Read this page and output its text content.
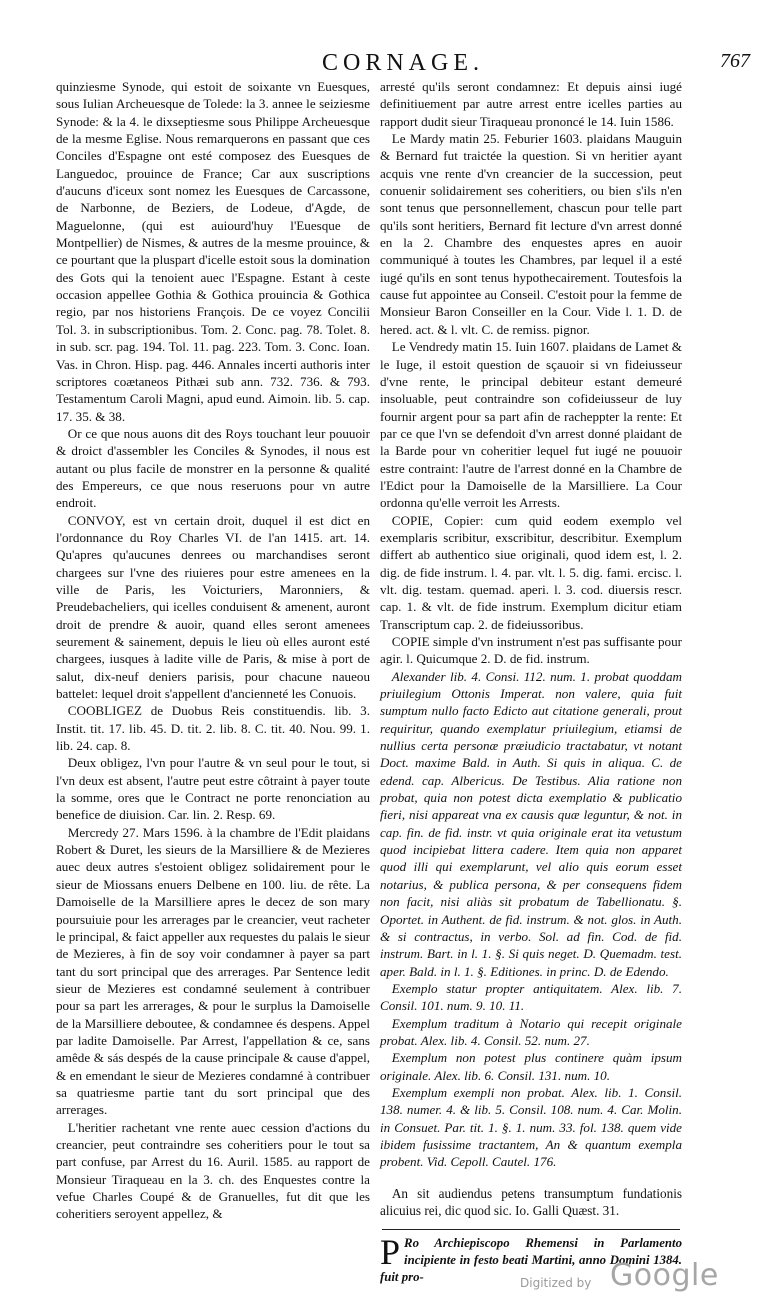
CORNAGE.	767

quinziesme Synode, qui estoit de soixante vn Euesques, sous Iulian Archeuesque de Tolede: la 3. annee le seiziesme Synode: & la 4. le dixseptiesme sous Philippe Archeuesque de la mesme Eglise. Nous remarquerons en passant que ces Conciles d'Espagne ont esté composez des Euesques de Languedoc, prouince de France; Car aux suscriptions d'aucuns d'iceux sont nomez les Euesques de Carcassone, de Narbonne, de Beziers, de Lodeue, d'Agde, de Maguelonne, (qui est auiourd'huy l'Euesque de Montpellier) de Nismes, & autres de la mesme prouince, & ce pourtant que la pluspart d'icelle estoit sous la domination des Gots qui la tenoient auec l'Espagne. Estant à ceste occasion appellee Gothia & Gothica prouincia & Gothica regio, par nos historiens François. De ce voyez Concilii Tol. 3. in subscriptionibus. Tom. 2. Conc. pag. 78. Tolet. 8. in sub. scr. pag. 194. Tol. 11. pag. 223. Tom. 3. Conc. Ioan. Vas. in Chron. Hisp. pag. 446. Annales incerti authoris inter scriptores coætaneos Pithæi sub ann. 732. 736. & 793. Testamentum Caroli Magni, apud eund. Aimoin. lib. 5. cap. 17. 35. & 38.

Or ce que nous auons dit des Roys touchant leur pouuoir & droict d'assembler les Conciles & Synodes, il nous est autant ou plus facile de monstrer en la personne & qualité des Empereurs, ce que nous reseruons pour vn autre endroit.

CONVOY, est vn certain droit, duquel il est dict en l'ordonnance du Roy Charles VI. de l'an 1415. art. 14. Qu'apres qu'aucunes denrees ou marchandises seront chargees sur l'vne des riuieres pour estre amenees en la ville de Paris, les Voicturiers, Maronniers, & Preudebacheliers, qui icelles conduisent & amenent, auront droit de prendre & auoir, quand elles seront amenees seurement & sainement, depuis le lieu où elles auront esté chargees, iusques à ladite ville de Paris, & mise à port de salut, dix-neuf deniers parisis, pour chacune naueou battelet: lequel droit s'appellent d'ancienneté les Conuois.

COOBLIGEZ de Duobus Reis constituendis. lib. 3. Instit. tit. 17. lib. 45. D. tit. 2. lib. 8. C. tit. 40. Nou. 99. 1. lib. 24. cap. 8.

Deux obligez, l'vn pour l'autre & vn seul pour le tout, si l'vn deux est absent, l'autre peut estre côtraint à payer toute la somme, ores que le Contract ne porte renonciation au benefice de diuision. Car. lin. 2. Resp. 69.

Mercredy 27. Mars 1596. à la chambre de l'Edit plaidans Robert & Duret, les sieurs de la Marsilliere & de Mezieres auec deux autres s'estoient obligez solidairement pour le sieur de Miossans enuers Delbene en 100. liu. de rête. La Damoiselle de la Marsilliere apres le decez de son mary poursuiuie pour les arrerages par le creancier, veut racheter le principal, & faict appeller aux requestes du palais le sieur de Mezieres, à fin de soy voir condamner à payer sa part tant du sort principal que des arrerages. Par Sentence ledit sieur de Mezieres est condamné seulement à contribuer pour sa part les arrerages, & pour le surplus la Damoiselle de la Marsilliere deboutee, & condamnee és despens. Appel par ladite Damoiselle. Par Arrest, l'appellation & ce, sans amêde & sás despés de la cause principale & cause d'appel, & en emendant le sieur de Mezieres condamné à contribuer sa quatriesme partie tant du sort principal que des arrerages.

L'heritier rachetant vne rente auec cession d'actions du creancier, peut contraindre ses coheritiers pour le tout sa part confuse, par Arrest du 16. Auril. 1585. au rapport de Monsieur Tiraqueau en la 3. ch. des Enquestes contre la vefue Charles Coupé & de Granuelles, fut dit que les coheritiers seroyent appellez, &

arresté qu'ils seront condamnez: Et depuis ainsi iugé definitiuement par autre arrest entre icelles parties au rapport dudit sieur Tiraqueau prononcé le 14. Iuin 1586.

Le Mardy matin 25. Feburier 1603. plaidans Mauguin & Bernard fut traictée la question. Si vn heritier ayant acquis vne rente d'vn creancier de la succession, peut conuenir solidairement ses coheritiers, ou bien s'ils n'en sont tenus que personnellement, chascun pour telle part qu'ils sont heritiers, Bernard fit lecture d'vn arrest donné en la 2. Chambre des enquestes apres en auoir communiqué à toutes les Chambres, par lequel il a esté iugé qu'ils en sont tenus hypothecairement. Toutesfois la cause fut appointee au Conseil. C'estoit pour la femme de Monsieur Baron Conseiller en la Cour. Vide l. 1. D. de hered. act. & l. vlt. C. de remiss. pignor.

Le Vendredy matin 15. Iuin 1607. plaidans de Lamet & le Iuge, il estoit question de sçauoir si vn fideiusseur d'vne rente, le principal debiteur estant demeuré insoluable, peut contraindre son cofideiusseur de luy fournir argent pour sa part afin de racheppter la rente: Et par ce que l'vn se defendoit d'vn arrest donné plaidant de la Barde pour vn coheritier lequel fut iugé ne pouuoir estre contraint: l'autre de l'arrest donné en la Chambre de l'Edict pour la Damoiselle de la Marsilliere. La Cour ordonna qu'elle verroit les Arrests.

COPIE, Copier: cum quid eodem exemplo vel exemplaris scribitur, exscribitur, describitur. Exemplum differt ab authentico siue originali, quod idem est, l. 2. dig. de fide instrum. l. 4. par. vlt. l. 5. dig. fami. ercisc. l. vlt. dig. testam. quemad. aperi. l. 3. cod. diuersis rescr. cap. 1. & vlt. de fide instrum. Exemplum dicitur etiam Transcriptum cap. 2. de fideiussoribus.

COPIE simple d'vn instrument n'est pas suffisante pour agir. l. Quicumque 2. D. de fid. instrum.

Alexander lib. 4. Consi. 112. num. 1. probat quoddam priuilegium Ottonis Imperat. non valere, quia fuit sumptum nullo facto Edicto aut citatione generali, prout requiritur, quando exemplatur priuilegium, etiamsi de nullius certa personæ præiudicio tractabatur, vt notant Doct. maxime Bald. in Auth. Si quis in aliqua. C. de edend. cap. Albericus. De Testibus. Alia ratione non probat, quia non potest dicta exemplatio & publicatio fieri, nisi appareat vna ex causis quæ leguntur, & not. in cap. fin. de fid. instr. vt quia originale erat ita vetustum quod incipiebat littera cadere. Item quia non apparet quod illi qui exemplarunt, vel alio quis eorum esset notarius, & publica persona, & per consequens fidem non facit, nisi aliàs sit probatum de Tabellionatu. §. Oportet. in Authent. de fid. instrum. & not. glos. in Auth. & si contractus, in verbo. Sol. ad fin. Cod. de fid. instrum. Bart. in l. 1. §. Si quis neget. D. Quemadm. test. aper. Bald. in l. 1. §. Editiones. in princ. D. de Edendo.

Exemplo statur propter antiquitatem. Alex. lib. 7. Consil. 101. num. 9. 10. 11.

Exemplum traditum à Notario qui recepit originale probat. Alex. lib. 4. Consil. 52. num. 27.

Exemplum non potest plus continere quàm ipsum originale. Alex. lib. 6. Consil. 131. num. 10.

Exemplum exempli non probat. Alex. lib. 1. Consil. 138. numer. 4. & lib. 5. Consil. 108. num. 4. Car. Molin. in Consuet. Par. tit. 1. §. 1. num. 33. fol. 138. quem vide ibidem fusissime tractantem, An & quantum exempla probent. Vid. Cepoll. Cautel. 176.

An sit audiendus petens transumptum fundationis alicuius rei, dic quod sic. Io. Galli Quæst. 31.

P Ro Archiepiscopo Rhemensi in Parlamento incipiente in festo beati Martini, anno Domini 1384. fuit pro-	Digitized by Google
